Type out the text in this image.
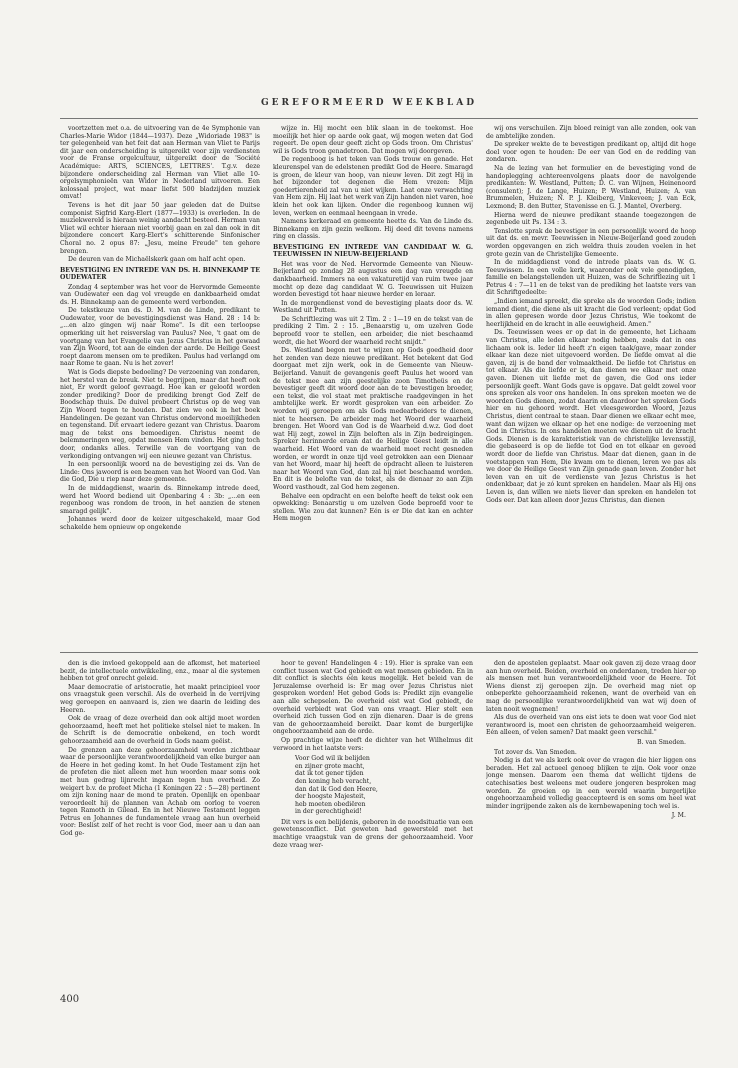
GEREFORMEERD WEEKBLAD

voortzetten met o.a. de uitvoering van de 4e Symphonie van Charles-Marie Widor (1844—1937). Deze „Widoriade 1983" is ter gelegenheid van het feit dat aan Herman van Vliet te Parijs dit jaar een onderscheiding is uitgereikt voor zijn verdiensten voor de Franse orgelcultuur, uitgereikt door de 'Société Académique: ARTS, SCIENCES, LETTRES'. T.g.v. deze bijzondere onderscheiding zal Herman van Vliet alle 10-orgelsymphonieën van Widor in Nederland uitvoeren. Een kolossaal project, wat maar liefst 500 bladzijden muziek omvat!

Tevens is het dit jaar 50 jaar geleden dat de Duitse componist Sigfrid Karg-Elert (1877—1933) is overleden. In de muziekwereld is hieraan weinig aandacht besteed. Herman van Vliet wil echter hieraan niet voorbij gaan en zal dan ook in dit bijzondere concert Karg-Elert's schitterende Sinfonischer Choral no. 2 opus 87: „Jesu, meine Freude" ten gehore brengen.

De deuren van de Michaëlskerk gaan om half acht open.

BEVESTIGING EN INTREDE VAN DS. H. BINNEKAMP TE OUDEWATER

Zondag 4 september was het voor de Hervormde Gemeente van Oudewater een dag vol vreugde en dankbaarheid omdat ds. H. Binnekamp aan de gemeente werd verbonden.

De tekstkeuze van ds. D. M. van de Linde, predikant te Oudewater, voor de bevestigingsdienst was Hand. 28 : 14 b: „...en alzo gingen wij naar Rome". Is dit een terloopse opmerking uit het reisverslag van Paulus? Nee, 't gaat om de voortgang van het Evangelie van Jezus Christus in het gewaad van Zijn Woord, tot aan de einden der aarde. De Heilige Geest roept daarom mensen om te prediken. Paulus had verlangd om naar Rome te gaan. Nu is het zover!

Wat is Gods diepste bedoeling? De verzoening van zondaren, het herstel van de breuk. Niet te begrijpen, maar dat heeft ook niet, Er wordt geloof gevraagd. Hoe kan er geloofd worden zonder prediking? Door de prediking brengt God Zelf de Boodschap thuis. De duivel probeert Christus op de weg van Zijn Woord tegen te houden. Dat zien we ook in het boek Handelingen. De gezant van Christus ondervond moeilijkheden en tegenstand. Dit ervaart iedere gezant van Christus. Daarom mag de tekst ons bemoedigen. Christus neemt de belemmeringen weg, opdat mensen Hem vinden. Het ging toch door, ondanks alles. Terwille van de voortgang van de verkondiging ontvangen wij een nieuwe gezant van Christus.

In een persoonlijk woord na de bevestiging zei ds. Van de Linde: Ons jawoord is een beamen van het Woord van God. Van die God, Die u riep naar deze gemeente.

In de middagdienst, waarin ds. Binnekamp intrede deed, werd het Woord bediend uit Openbaring 4 : 3b: „...en een regenboog was rondom de troon, in het aanzien de stenen smaragd gelijk".

Johannes werd door de keizer uitgeschakeld, maar God schakelde hem opnieuw op ongekende

wijze in. Hij mocht een blik slaan in de toekomst. Hoe moeilijk het hier op aarde ook gaat, wij mogen weten dat God regeert. De open deur geeft zicht op Gods troon. Om Christus' wil is Gods troon genadetroon. Dat mogen wij doorgeven.

De regenboog is het teken van Gods trouw en genade. Het kleurenspel van de edelstenen predikt God de Heere. Smaragd is groen, de kleur van hoop, van nieuw leven. Dit zegt Hij in het bijzonder tot degenen die Hem vrezen: Mijn goedertierenheid zal van u niet wijken. Laat onze verwachting van Hem zijn. Hij laat het werk van Zijn handen niet varen, hoe klein het ook kan lijken. Onder die regenboog kunnen wij leven, werken en eenmaal heengaan in vrede.

Namens kerkeraad en gemeente heette ds. Van de Linde ds. Binnekamp en zijn gezin welkom. Hij deed dit tevens namens ring en classis.

BEVESTIGING EN INTREDE VAN CANDIDAAT W. G. TEEUWISSEN IN NIEUW-BEIJERLAND

Het was voor de Ned. Hervormde Gemeente van Nieuw-Beijerland op zondag 28 augustus een dag van vreugde en dankbaarheid. Immers na een vakaturetijd van ruim twee jaar mocht op deze dag candidaat W. G. Teeuwissen uit Huizen worden bevestigd tot haar nieuwe herder en leraar.

In de morgendienst vond de bevestiging plaats door ds. W. Westland uit Putten.

De Schriftlezing was uit 2 Tim. 2 : 1—19 en de tekst van de prediking 2 Tim. 2 : 15. „Benaarstig u, om uzelven Gode beproefd voor te stellen, een arbeider, die niet beschaamd wordt, die het Woord der waarheid recht snijdt."

Ds. Westland begon met te wijzen op Gods goedheid door het zenden van deze nieuwe predikant. Het betekent dat God doorgaat met zijn werk, ook in de Gemeente van Nieuw-Beijerland. Vanuit de gevangenis geeft Paulus het woord van de tekst mee aan zijn geestelijke zoon Timotheüs en de bevestiger geeft dit woord door aan de te bevestigen broeder, een tekst, die vol staat met praktische raadgevingen in het ambtelijke werk. Er wordt gesproken van een arbeider. Zo worden wij geroepen om als Gods medearbeiders te dienen, niet te heersen. De arbeider mag het Woord der waarheid brengen. Het Woord van God is de Waarheid d.w.z. God doet wat Hij zegt, zowel in Zijn beloften als in Zijn bedreigingen. Spreker herinnerde eraan dat de Heilige Geest leidt in alle waarheid. Het Woord van de waarheid moet recht gesneden worden, er wordt in onze tijd veel getrokken aan een Dienaar van het Woord, maar hij heeft de opdracht alleen te luisteren naar het Woord van God, dan zal hij niet beschaamd worden. En dit is de belofte van de tekst, als de dienaar zo aan Zijn Woord vasthoudt, zal God hem zegenen.

Behalve een opdracht en een belofte heeft de tekst ook een opwekking: Benaarstig u om uzelven Gode beproefd voor te stellen. Wie zou dat kunnen? Eén is er Die dat kan en achter Hem mogen

wij ons verschuilen. Zijn bloed reinigt van alle zonden, ook van de ambtelijke zonden.

De spreker wekte de te bevestigen predikant op, altijd dit hoge doel voor ogen te houden: De eer van God en de redding van zondaren.

Na de lezing van het formulier en de bevestiging vond de handoplegging achtereenvolgens plaats door de navolgende predikanten: W. Westland, Putten; D. C. van Wijnen, Heinenoord (consulent); J. de Lange, Huizen; P. Westland, Huizen; A. van Brummelen, Huizen; N. P. J. Kleiberg, Vinkeveen; J. van Eck, Lexmond; B. den Butter, Stavenisse en G. J. Mantel, Overberg.

Hierna werd de nieuwe predikant staande toegezongen de zegenbede uit Ps. 134 : 3.

Tenslotte sprak de bevestiger in een persoonlijk woord de hoop uit dat ds. en mevr. Teeuwissen in Nieuw-Beijerland goed zouden worden opgevangen en zich weldra thuis zouden voelen in het grote gezin van de Christelijke Gemeente.

In de middagdienst vond de intrede plaats van ds. W. G. Teeuwissen. In een volle kerk, waaronder ook vele genodigden, familie en belangstellenden uit Huizen, was de Schriftlezing uit 1 Petrus 4 : 7—11 en de tekst van de prediking het laatste vers van dit Schriftgedeelte:

„Indien iemand spreekt, die spreke als de woorden Gods; indien iemand dient, die diene als uit kracht die God verleent; opdat God in allen gepresen worde door Jezus Christus, Wie toekomt de heerlijkheid en de kracht in alle eeuwigheid. Amen."

Ds. Teeuwissen wees er op dat in de gemeente, het Lichaam van Christus, alle leden elkaar nodig hebben, zoals dat in ons lichaam ook is. Ieder lid heeft z'n eigen taak/gave, maar zonder elkaar kan deze niet uitgevoerd worden. De liefde omvat al die gaven, zij is de band der volmaaktheid. De liefde tot Christus en tot elkaar. Als die liefde er is, dan dienen we elkaar met onze gaven. Dienen uit liefde met de gaven, die God ons ieder persoonlijk geeft. Want Gods gave is opgave. Dat geldt zowel voor ons spreken als voor ons handelen. In ons spreken moeten we de woorden Gods dienen, zodat daarin en daardoor het spreken Gods hier en nu gehoord wordt. Het vleesgeworden Woord, Jezus Christus, dient centraal te staan. Daar dienen we elkaar echt mee, want dan wijzen we elkaar op het ene nodige: de verzoening met God in Christus. In ons handelen moeten we dienen uit de kracht Gods. Dienen is de karakteristiek van de christelijke levensstijl, die gebaseerd is op de liefde tot God en tot elkaar en gevoed wordt door de liefde van Christus. Maar dat dienen, gaan in de voetstappen van Hem, Die kwam om te dienen, leren we pas als we door de Heilige Geest van Zijn genade gaan leven. Zonder het leven van en uit de verdienste van Jezus Christus is het ondenkbaar, dat je zó kunt spreken en handelen. Maar als Hij ons Leven is, dan willen we niets liever dan spreken en handelen tot Gods eer. Dat kan alleen door Jezus Christus, dan dienen

den is die invloed gekoppeld aan de afkomst, het materieel bezit, de intellectuele ontwikkeling, enz., maar al die systemen hebben tot grof onrecht geleid.

Maar democratie of aristocratie, het maakt principieel voor ons vraagstuk geen verschil. Als de overheid in de verrijving weg geroepen en aanvaard is, zien we daarin de leiding des Heeren.

Ook de vraag of deze overheid dan ook altijd moet worden gehoorzaamd, heeft met het politieke stelsel niet te maken. In de Schrift is de democratie onbekend, en toch wordt gehoorzaamheid aan de overheid in Gods naam geëist.

De grenzen aan deze gehoorzaamheid worden zichtbaar waar de persoonlijke verantwoordelijkheid van elke burger aan de Heere in het geding komt. In het Oude Testament zijn het de profeten die niet alleen met hun woorden maar soms ook met hun gedrag lijnrecht ingaan tegen hun overheid. Zo weigert b.v. de profeet Micha (1 Koningen 22 : 5—28) pertinent om zijn koning naar de mond te praten. Openlijk en openbaar veroordeelt hij de plannen van Achab om oorlog te voeren tegen Ramoth in Gilead. En in het Nieuwe Testament leggen Petrus en Johannes de fundamentele vraag aan hun overheid voor: Beslist zelf of het recht is voor God, meer aan u dan aan God ge-

hoor te geven! Handelingen 4 : 19). Hier is sprake van een conflict tussen wat God gebiedt en wat mensen gebieden. En in dit conflict is slechts één keus mogelijk. Het beleid van de Jeruzalemse overheid is: Er mag over Jezus Christus niet gesproken worden! Het gebod Gods is: Predikt zijn evangelie aan alle schepselen. De overheid eist wat God gebiedt, de overheid verbiedt wat God van ons vraagt. Hier stelt een overheid zich tussen God en zijn dienaren. Daar is de grens van de gehoorzaamheid bereikt. Daar komt de burgerlijke ongehoorzaamheid aan de orde.

Op prachtige wijze heeft de dichter van het Wilhelmus dit verwoord in het laatste vers:

Voor God wil ik belijden
en zijner grote macht,
dat ik tot gener tijden
den koning heb veracht,
dan dat ik God den Heere,
der hoogste Majesteit,
heb moeten obediëren
in der gerechtigheid!

Dit vers is een belijdenis, geboren in de noodsituatie van een gewetensconflict. Dat geweten had gewersteld met het machtige vraagstuk van de grens der gehoorzaamheid. Voor deze vraag wer-

den de apostelen geplaatst. Maar ook gaven zij deze vraag door aan hun overheid. Beiden, overheid en onderdanen, treden hier op als mensen met hun verantwoordelijkheid voor de Heere. Tot Wiens dienst zij geroepen zijn. De overheid mag niet op onbeperkte gehoorzaamheid rekenen, want de overheid van en mag de persoonlijke verantwoordelijkheid van wat wij doen of laten nooit wegnemen!

Als dus de overheid van ons eist iets te doen wat voor God niet verantwoord is, moet een christen de gehoorzaamheid weigeren. Eén alleen, of velen samen? Dat maakt geen verschil."

B. van Smeden.

Tot zover ds. Van Smeden.

Nodig is dat we als kerk ook over de vragen die hier liggen ons beraden. Het zal actueel genoeg blijken te zijn. Ook voor onze jonge mensen. Daarom een thema dat wellicht tijdens de catechisaties best weleens met oudere jongeren besproken mag worden. Ze groeien op in een wereld waarin burgerlijke ongehoorzaamheid volledig geaccepteerd is en soms om heel wat minder ingrijpende zaken als de kernbewapening toch wel is.

J. M.
400
